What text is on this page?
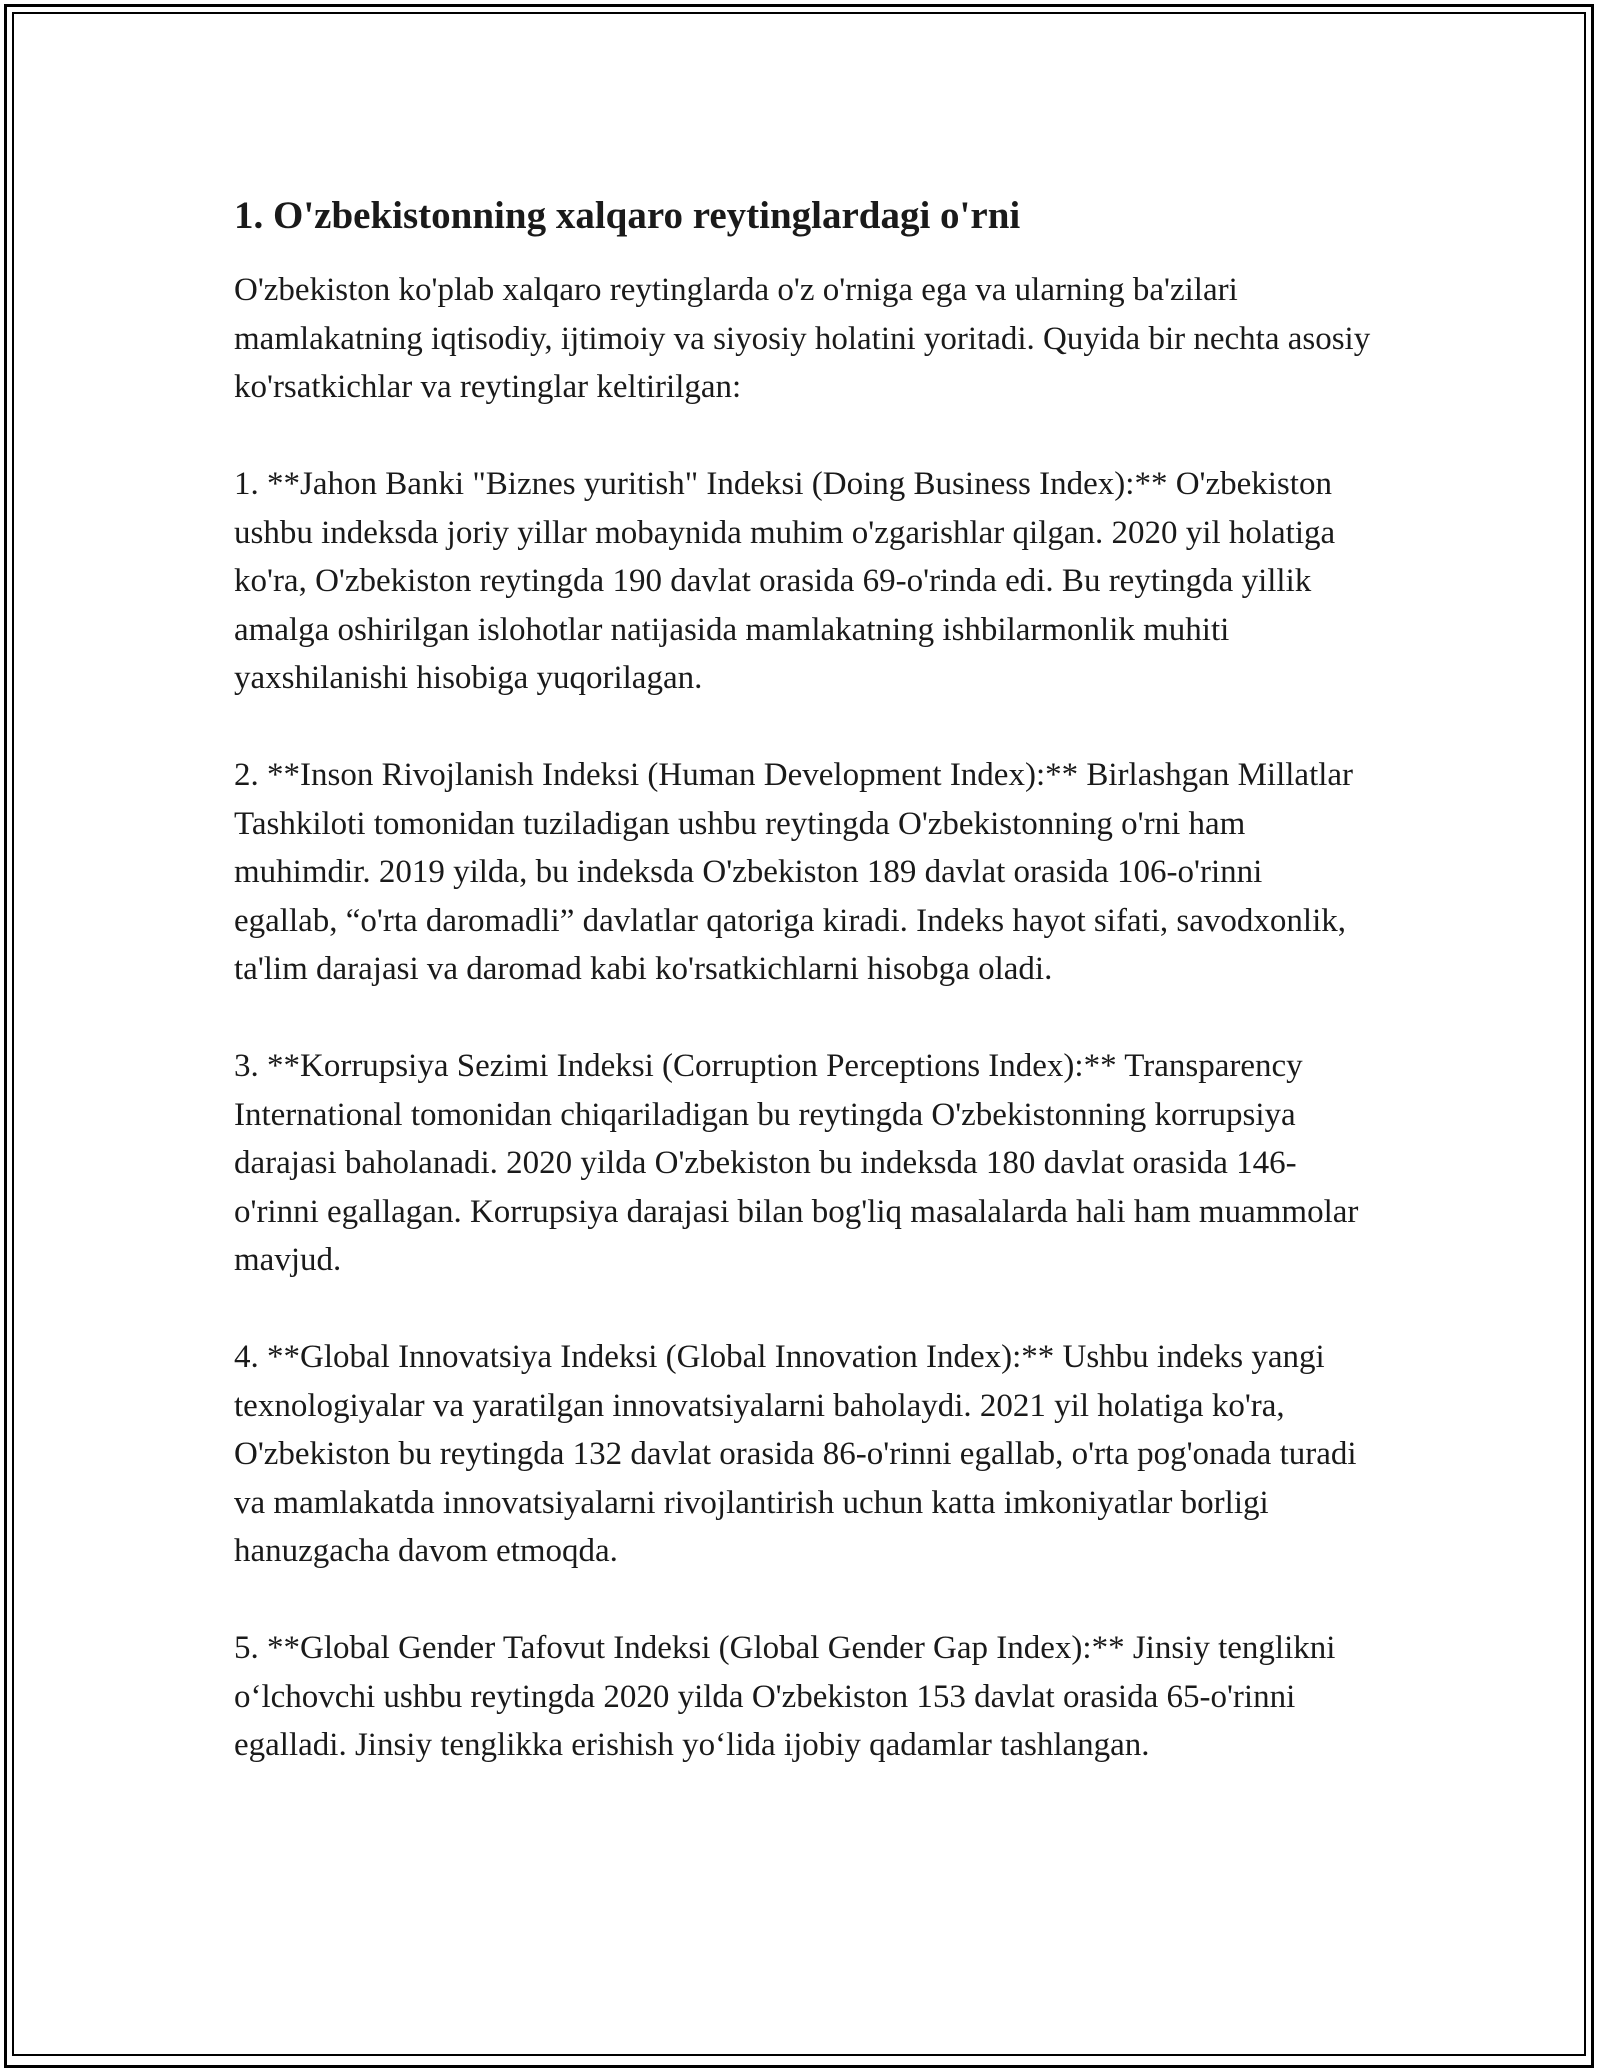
1. O'zbekistonning xalqaro reytinglardagi o'rni

O'zbekiston ko'plab xalqaro reytinglarda o'z o'rniga ega va ularning ba'zilari mamlakatning iqtisodiy, ijtimoiy va siyosiy holatini yoritadi. Quyida bir nechta asosiy ko'rsatkichlar va reytinglar keltirilgan:

1. **Jahon Banki "Biznes yuritish" Indeksi (Doing Business Index):** O'zbekiston ushbu indeksda joriy yillar mobaynida muhim o'zgarishlar qilgan. 2020 yil holatiga ko'ra, O'zbekiston reytingda 190 davlat orasida 69-o'rinda edi. Bu reytingda yillik amalga oshirilgan islohotlar natijasida mamlakatning ishbilarmonlik muhiti yaxshilanishi hisobiga yuqorilagan.

2. **Inson Rivojlanish Indeksi (Human Development Index):** Birlashgan Millatlar Tashkiloti tomonidan tuziladigan ushbu reytingda O'zbekistonning o'rni ham muhimdir. 2019 yilda, bu indeksda O'zbekiston 189 davlat orasida 106-o'rinni egallab, “o'rta daromadli” davlatlar qatoriga kiradi. Indeks hayot sifati, savodxonlik, ta'lim darajasi va daromad kabi ko'rsatkichlarni hisobga oladi.

3. **Korrupsiya Sezimi Indeksi (Corruption Perceptions Index):** Transparency International tomonidan chiqariladigan bu reytingda O'zbekistonning korrupsiya darajasi baholanadi. 2020 yilda O'zbekiston bu indeksda 180 davlat orasida 146-o'rinni egallagan. Korrupsiya darajasi bilan bog'liq masalalarda hali ham muammolar mavjud.

4. **Global Innovatsiya Indeksi (Global Innovation Index):** Ushbu indeks yangi texnologiyalar va yaratilgan innovatsiyalarni baholaydi. 2021 yil holatiga ko'ra, O'zbekiston bu reytingda 132 davlat orasida 86-o'rinni egallab, o'rta pog'onada turadi va mamlakatda innovatsiyalarni rivojlantirish uchun katta imkoniyatlar borligi hanuzgacha davom etmoqda.

5. **Global Gender Tafovut Indeksi (Global Gender Gap Index):** Jinsiy tenglikni o‘lchovchi ushbu reytingda 2020 yilda O'zbekiston 153 davlat orasida 65-o'rinni egalladi. Jinsiy tenglikka erishish yo‘lida ijobiy qadamlar tashlangan.
